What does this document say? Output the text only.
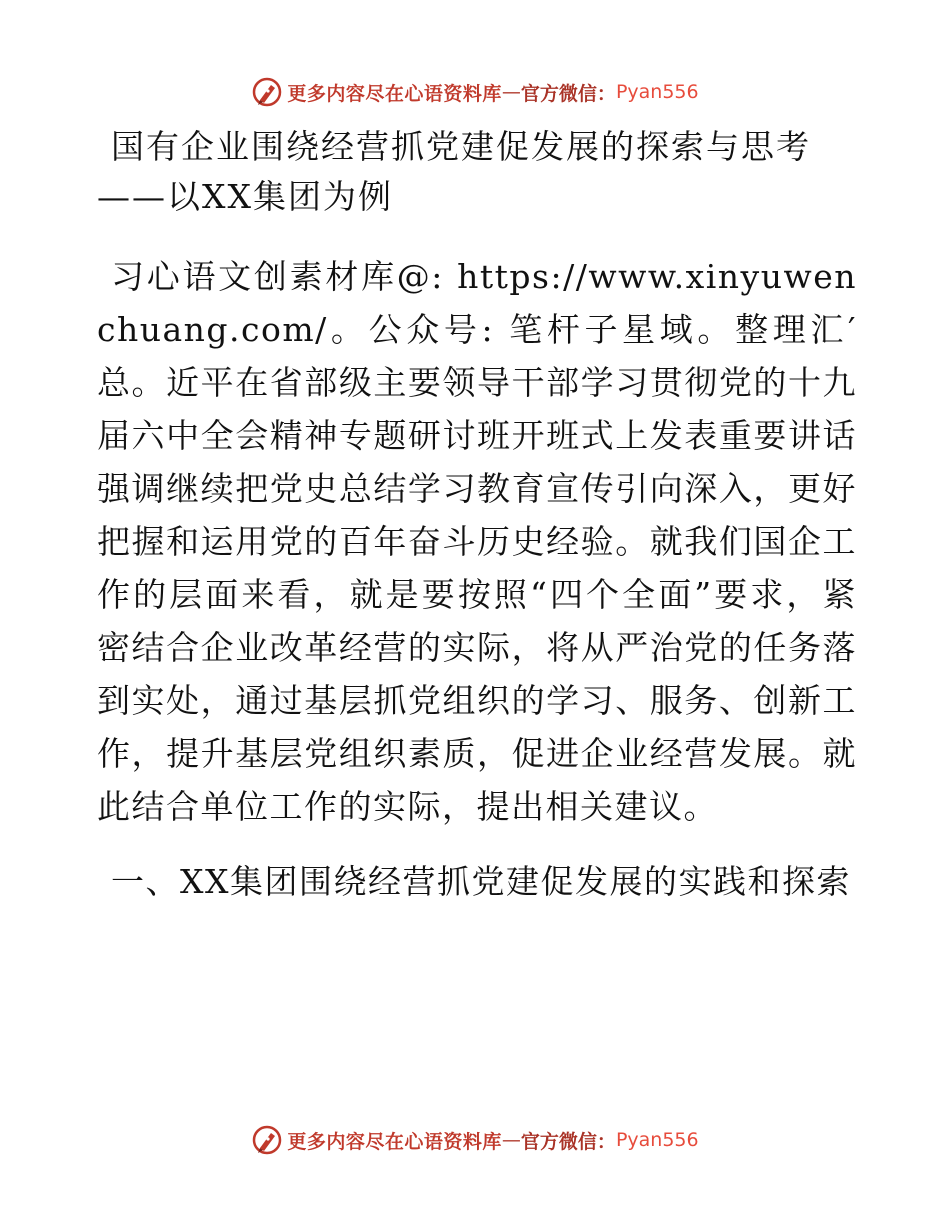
更多内容尽在心语资料库 — 官方微信： Pyan556
国有企业围绕经营抓党建促发展的探索与思考
——以XX集团为例

习心语文创素材库@: https://www.xinyuwenchuang.com/。公众号: 笔杆子星域。整理汇′总。近平在省部级主要领导干部学习贯彻党的十九届六中全会精神专题研讨班开班式上发表重要讲话强调继续把党史总结学习教育宣传引向深入，更好把握和运用党的百年奋斗历史经验。就我们国企工作的层面来看，就是要按照“四个全面”要求，紧密结合企业改革经营的实际，将从严治党的任务落到实处，通过基层抓党组织的学习、服务、创新工作，提升基层党组织素质，促进企业经营发展。就此结合单位工作的实际，提出相关建议。

一、XX集团围绕经营抓党建促发展的实践和探索
更多内容尽在心语资料库 — 官方微信： Pyan556
